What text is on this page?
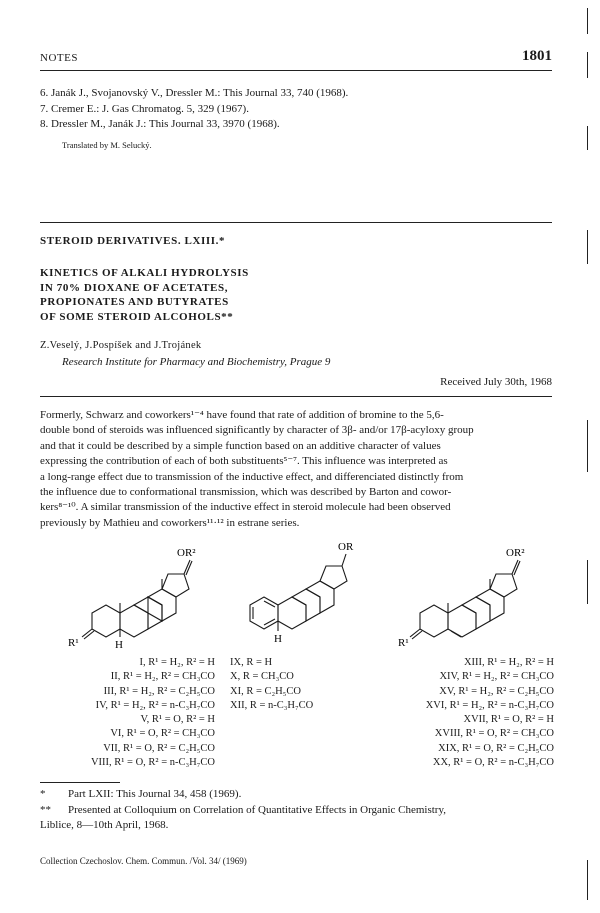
NOTES	1801
6. Janák J., Svojanovský V., Dressler M.: This Journal 33, 740 (1968).
7. Cremer E.: J. Gas Chromatog. 5, 329 (1967).
8. Dressler M., Janák J.: This Journal 33, 3970 (1968).
Translated by M. Selucký.
STEROID DERIVATIVES. LXIII.*
KINETICS OF ALKALI HYDROLYSIS
IN 70% DIOXANE OF ACETATES,
PROPIONATES AND BUTYRATES
OF SOME STEROID ALCOHOLS**
Z.Veselý, J.Pospíšek and J.Trojánek
Research Institute for Pharmacy and Biochemistry, Prague 9
Received July 30th, 1968

Formerly, Schwarz and coworkers¹⁻⁴ have found that rate of addition of bromine to the 5,6-

double bond of steroids was influenced significantly by character of 3β- and/or 17β-acyloxy group

and that it could be described by a simple function based on an additive character of values

expressing the contribution of each of both substituents⁵⁻⁷. This influence was interpreted as

a long-range effect due to transmission of the inductive effect, and differenciated distinctly from

the influence due to conformational transmission, which was described by Barton and cowor-

kers⁸⁻¹⁰. A similar transmission of the inductive effect in steroid molecule had been observed

previously by Mathieu and coworkers¹¹·¹² in estrane series.

OR²
R¹	H
OR
H
OR²
R¹
I, R¹ = H₂, R² = H
II, R¹ = H₂, R² = CH₃CO
III, R¹ = H₂, R² = C₂H₅CO
IV, R¹ = H₂, R² = n-C₃H₇CO
V, R¹ = O, R² = H
VI, R¹ = O, R² = CH₃CO
VII, R¹ = O, R² = C₂H₅CO
VIII, R¹ = O, R² = n-C₃H₇CO
IX, R = H
X, R = CH₃CO
XI, R = C₂H₅CO
XII, R = n-C₃H₇CO
XIII, R¹ = H₂, R² = H
XIV, R¹ = H₂, R² = CH₃CO
XV, R¹ = H₂, R² = C₂H₅CO
XVI, R¹ = H₂, R² = n-C₃H₇CO
XVII, R¹ = O, R² = H
XVIII, R¹ = O, R² = CH₃CO
XIX, R¹ = O, R² = C₂H₅CO
XX, R¹ = O, R² = n-C₃H₇CO
* Part LXII: This Journal 34, 458 (1969).
** Presented at Colloquium on Correlation of Quantitative Effects in Organic Chemistry,
Liblice, 8—10th April, 1968.
Collection Czechoslov. Chem. Commun. /Vol. 34/ (1969)
